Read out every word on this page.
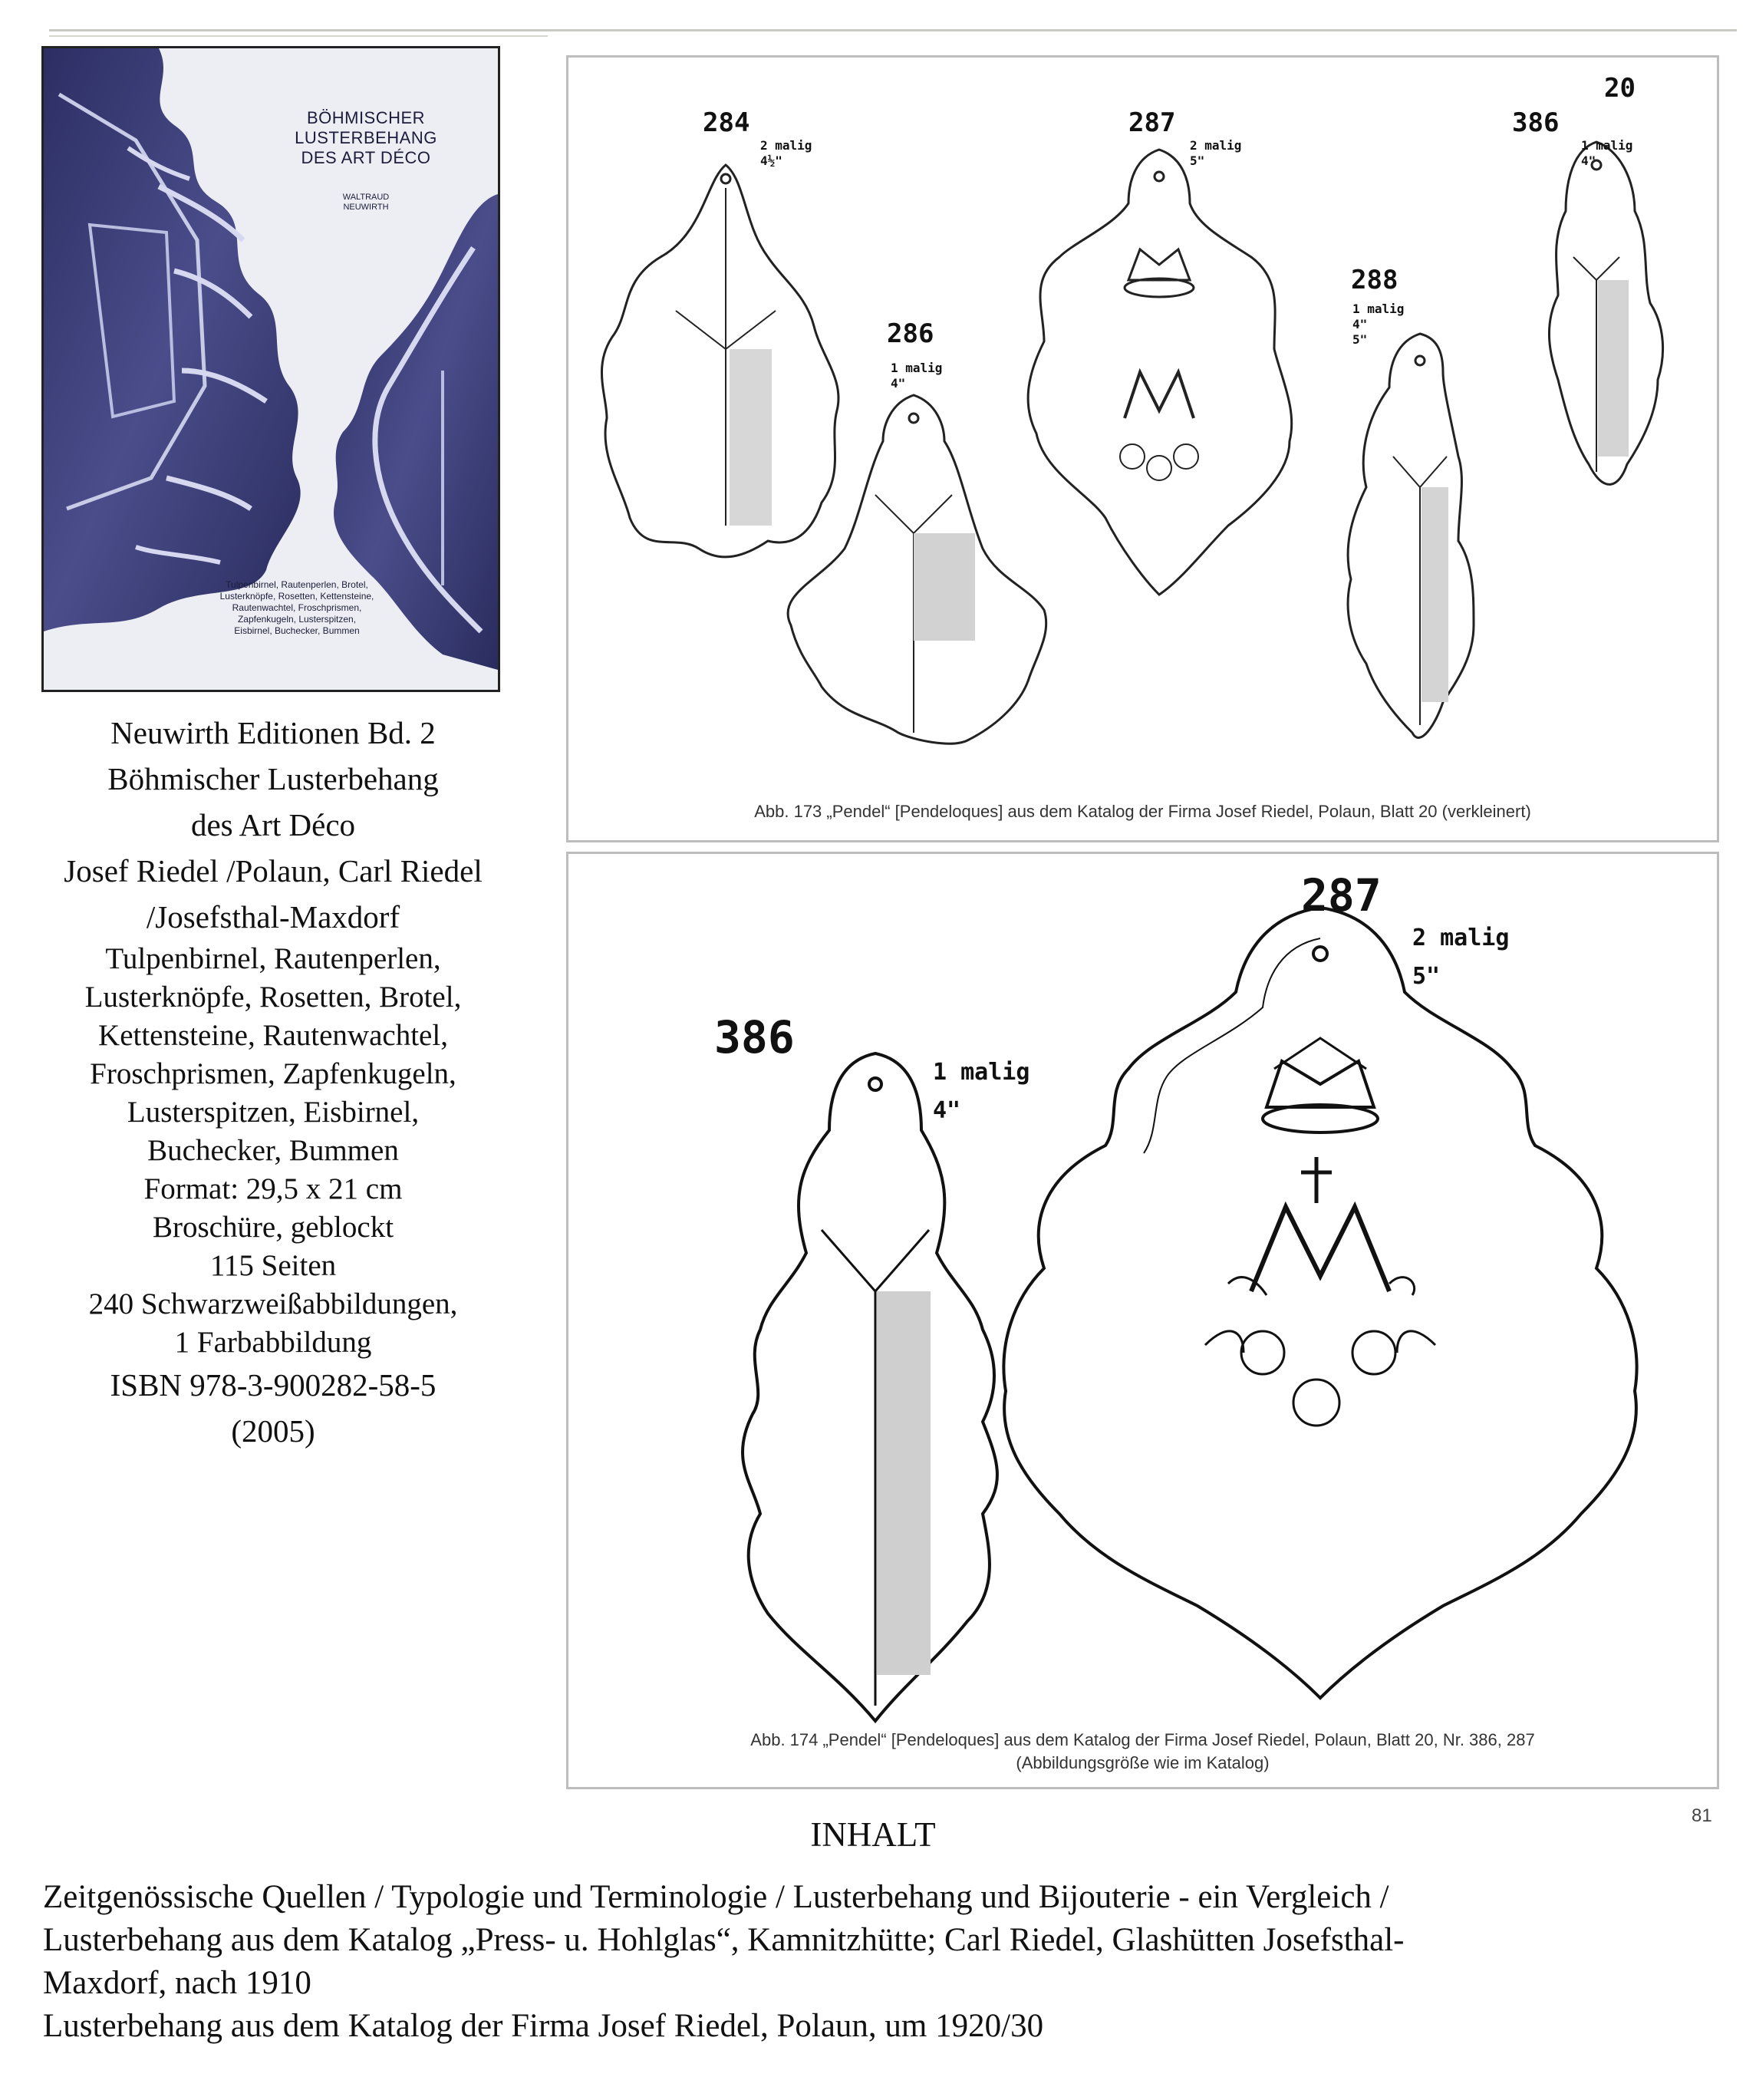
BÖHMISCHER
LUSTERBEHANG
DES ART DÉCO
WALTRAUD
NEUWIRTH
Tulpenbirnel, Rautenperlen, Brotel,
Lusterknöpfe, Rosetten, Kettensteine,
Rautenwachtel, Froschprismen,
Zapfenkugeln, Lusterspitzen,
Eisbirnel, Buchecker, Bummen
Neuwirth Editionen Bd. 2
Böhmischer Lusterbehang
des Art Déco
Josef Riedel /Polaun, Carl Riedel
/Josefsthal-Maxdorf
Tulpenbirnel, Rautenperlen,
Lusterknöpfe, Rosetten, Brotel,
Kettensteine, Rautenwachtel,
Froschprismen, Zapfenkugeln,
Lusterspitzen, Eisbirnel,
Buchecker, Bummen
Format: 29,5 x 21 cm
Broschüre, geblockt
115 Seiten
240 Schwarzweißabbildungen,
1 Farbabbildung
ISBN 978-3-900282-58-5
(2005)
20
284
2 malig
4½"
286
1 malig
4"
287
2 malig
5"
288
1 malig
4"
5"
386
1 malig
4"
Abb. 173 „Pendel“ [Pendeloques] aus dem Katalog der Firma Josef Riedel, Polaun, Blatt 20 (verkleinert)
386
1 malig
4"
287
2 malig
5"
Abb. 174 „Pendel“ [Pendeloques] aus dem Katalog der Firma Josef Riedel, Polaun, Blatt 20, Nr. 386, 287
(Abbildungsgröße wie im Katalog)
81
INHALT
Zeitgenössische Quellen / Typologie und Terminologie / Lusterbehang und Bijouterie - ein Vergleich /
Lusterbehang aus dem Katalog „Press- u. Hohlglas“, Kamnitzhütte; Carl Riedel, Glashütten Josefsthal-
Maxdorf, nach 1910
Lusterbehang aus dem Katalog der Firma Josef Riedel, Polaun, um 1920/30
